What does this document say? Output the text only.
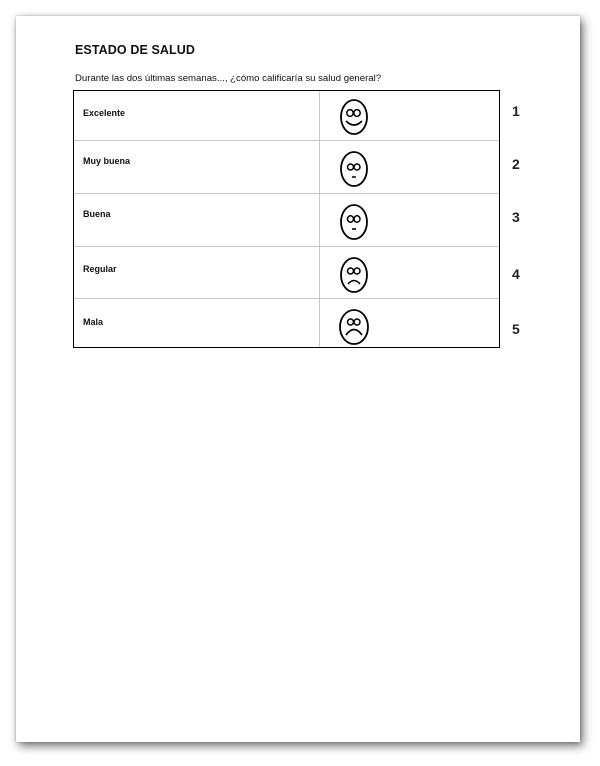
ESTADO DE SALUD
Durante las dos últimas semanas..., ¿cómo calificaría su salud general?
Excelente
Muy buena
Buena
Regular
Mala
1
2
3
4
5
